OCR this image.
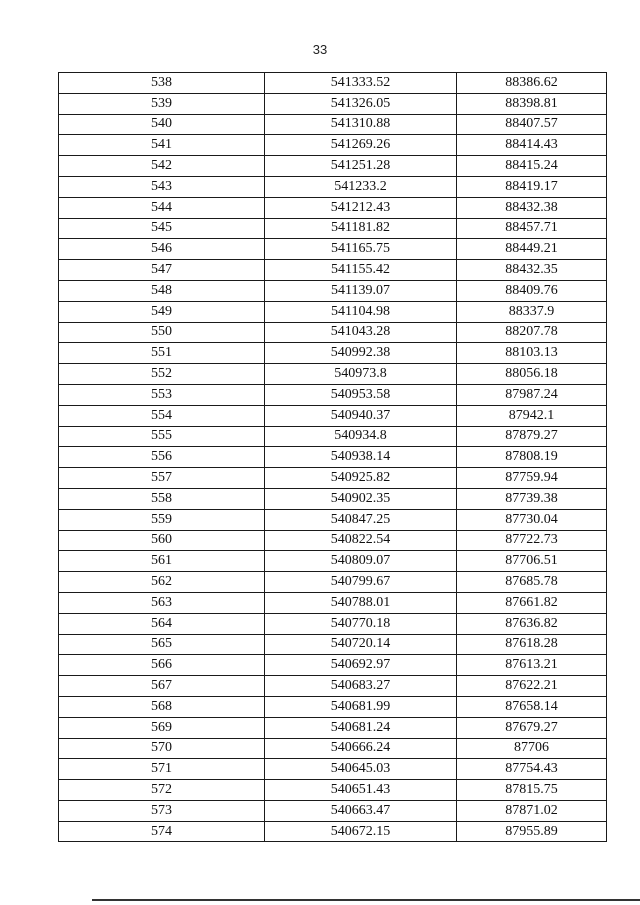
33
538	541333.52	88386.62
539	541326.05	88398.81
540	541310.88	88407.57
541	541269.26	88414.43
542	541251.28	88415.24
543	541233.2	88419.17
544	541212.43	88432.38
545	541181.82	88457.71
546	541165.75	88449.21
547	541155.42	88432.35
548	541139.07	88409.76
549	541104.98	88337.9
550	541043.28	88207.78
551	540992.38	88103.13
552	540973.8	88056.18
553	540953.58	87987.24
554	540940.37	87942.1
555	540934.8	87879.27
556	540938.14	87808.19
557	540925.82	87759.94
558	540902.35	87739.38
559	540847.25	87730.04
560	540822.54	87722.73
561	540809.07	87706.51
562	540799.67	87685.78
563	540788.01	87661.82
564	540770.18	87636.82
565	540720.14	87618.28
566	540692.97	87613.21
567	540683.27	87622.21
568	540681.99	87658.14
569	540681.24	87679.27
570	540666.24	87706
571	540645.03	87754.43
572	540651.43	87815.75
573	540663.47	87871.02
574	540672.15	87955.89
